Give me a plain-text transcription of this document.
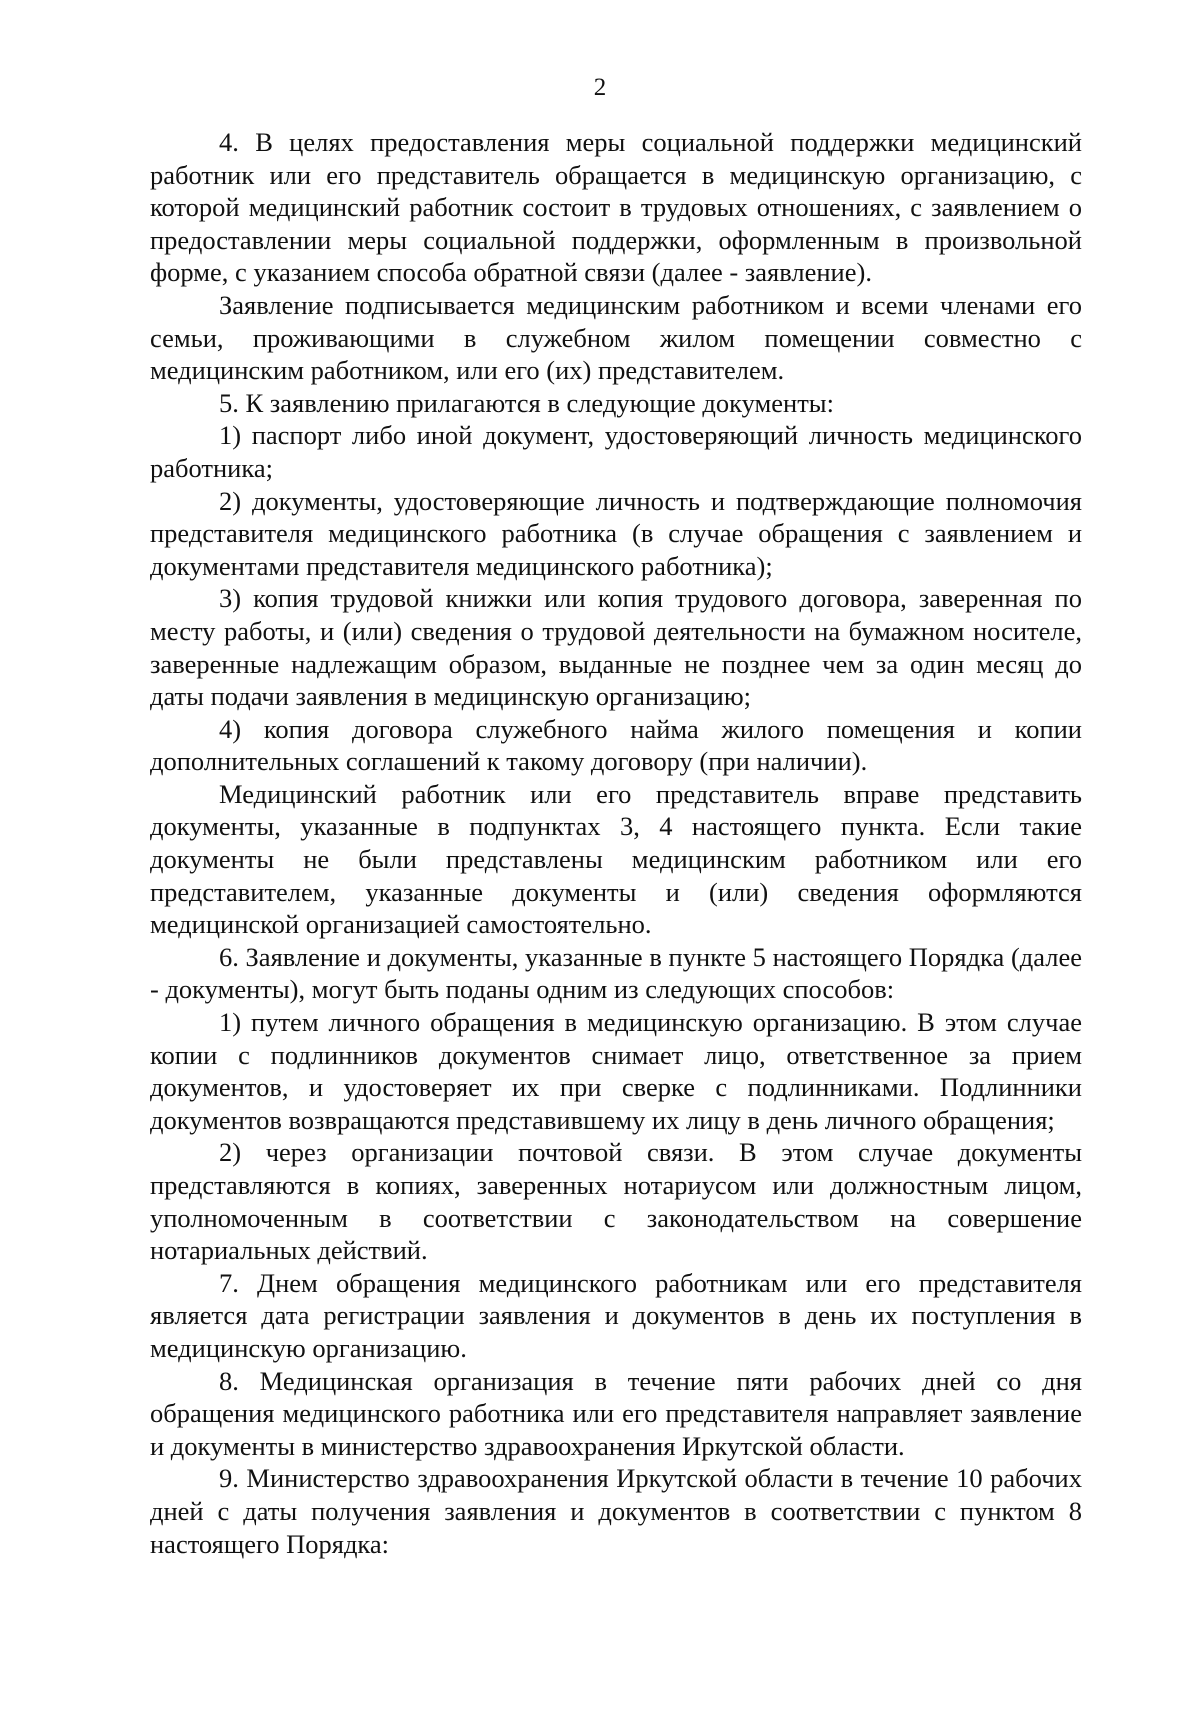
2

4. В целях предоставления меры социальной поддержки медицинский работник или его представитель обращается в медицинскую организацию, с которой медицинский работник состоит в трудовых отношениях, с заявлением о предоставлении меры социальной поддержки, оформленным в произвольной форме, с указанием способа обратной связи (далее - заявление).

Заявление подписывается медицинским работником и всеми членами его семьи, проживающими в служебном жилом помещении совместно с медицинским работником, или его (их) представителем.

5. К заявлению прилагаются в следующие документы:

1) паспорт либо иной документ, удостоверяющий личность медицинского работника;

2) документы, удостоверяющие личность и подтверждающие полномочия представителя медицинского работника (в случае обращения с заявлением и документами представителя медицинского работника);

3) копия трудовой книжки или копия трудового договора, заверенная по месту работы, и (или) сведения о трудовой деятельности на бумажном носителе, заверенные надлежащим образом, выданные не позднее чем за один месяц до даты подачи заявления в медицинскую организацию;

4) копия договора служебного найма жилого помещения и копии дополнительных соглашений к такому договору (при наличии).

Медицинский работник или его представитель вправе представить документы, указанные в подпунктах 3, 4 настоящего пункта. Если такие документы не были представлены медицинским работником или его представителем, указанные документы и (или) сведения оформляются медицинской организацией самостоятельно.

6. Заявление и документы, указанные в пункте 5 настоящего Порядка (далее - документы), могут быть поданы одним из следующих способов:

1) путем личного обращения в медицинскую организацию. В этом случае копии с подлинников документов снимает лицо, ответственное за прием документов, и удостоверяет их при сверке с подлинниками. Подлинники документов возвращаются представившему их лицу в день личного обращения;

2) через организации почтовой связи. В этом случае документы представляются в копиях, заверенных нотариусом или должностным лицом, уполномоченным в соответствии с законодательством на совершение нотариальных действий.

7. Днем обращения медицинского работникам или его представителя является дата регистрации заявления и документов в день их поступления в медицинскую организацию.

8. Медицинская организация в течение пяти рабочих дней со дня обращения медицинского работника или его представителя направляет заявление и документы в министерство здравоохранения Иркутской области.

9. Министерство здравоохранения Иркутской области в течение 10 рабочих дней с даты получения заявления и документов в соответствии с пунктом 8 настоящего Порядка:
